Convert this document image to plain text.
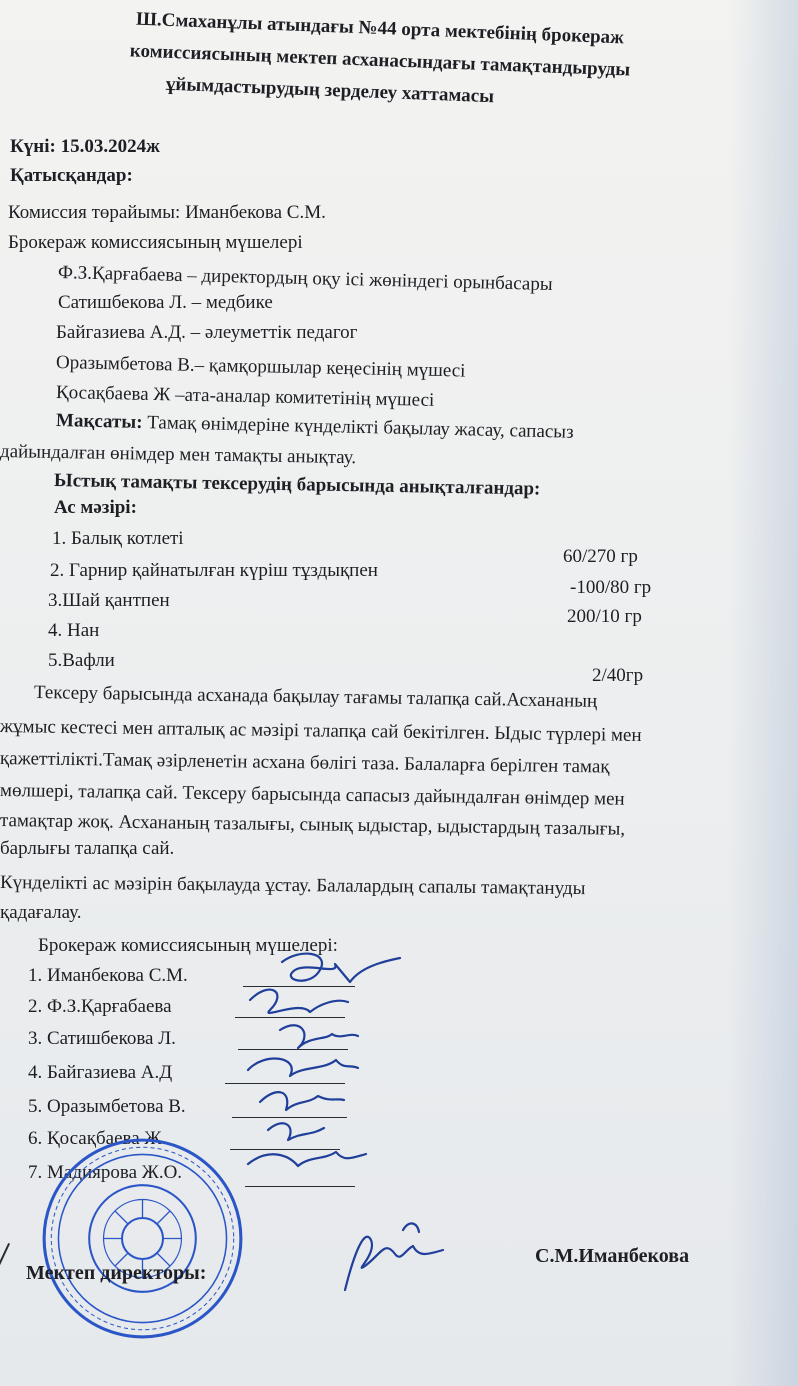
Ш.Смаханұлы атындағы №44 орта мектебінің брокераж
комиссиясының мектеп асханасындағы тамақтандыруды
ұйымдастырудың зерделеу хаттамасы
Күні: 15.03.2024ж
Қатысқандар:
Комиссия төрайымы: Иманбекова С.М.
Брокераж комиссиясының мүшелері
Ф.З.Қарғабаева – директордың оқу ісі жөніндегі орынбасары
Сатишбекова Л. – медбике
Байгазиева А.Д. – әлеуметтік педагог
Оразымбетова В.– қамқоршылар кеңесінің мүшесі
Қосақбаева Ж –ата-аналар комитетінің мүшесі
Мақсаты: Тамақ өнімдеріне күнделікті бақылау жасау, сапасыз
дайындалған өнімдер мен тамақты анықтау.
Ыстық тамақты тексерудің барысында анықталғандар:
Ас мәзірі:
1. Балық котлеті
60/270 гр
2. Гарнир қайнатылған күріш тұздықпен
-100/80 гр
3.Шай қантпен
200/10 гр
4. Нан
5.Вафли
2/40гр
Тексеру барысында асханада бақылау тағамы талапқа сай.Асхананың
жұмыс кестесі мен апталық ас мәзірі талапқа сай бекітілген. Ыдыс түрлері мен
қажеттілікті.Тамақ әзірленетін асхана бөлігі таза. Балаларға берілген тамақ
мөлшері, талапқа сай. Тексеру барысында сапасыз дайындалған өнімдер мен
тамақтар жоқ. Асхананың тазалығы, сынық ыдыстар, ыдыстардың тазалығы,
барлығы талапқа сай.
Күнделікті ас мәзірін бақылауда ұстау. Балалардың сапалы тамақтануды
қадағалау.
Брокераж комиссиясының мүшелері:
1. Иманбекова С.М.
2. Ф.З.Қарғабаева
3. Сатишбекова Л.
4. Байгазиева А.Д
5. Оразымбетова В.
6. Қосақбаева Ж.
7. Мадиярова Ж.О.
Мектеп директоры:
С.М.Иманбекова
